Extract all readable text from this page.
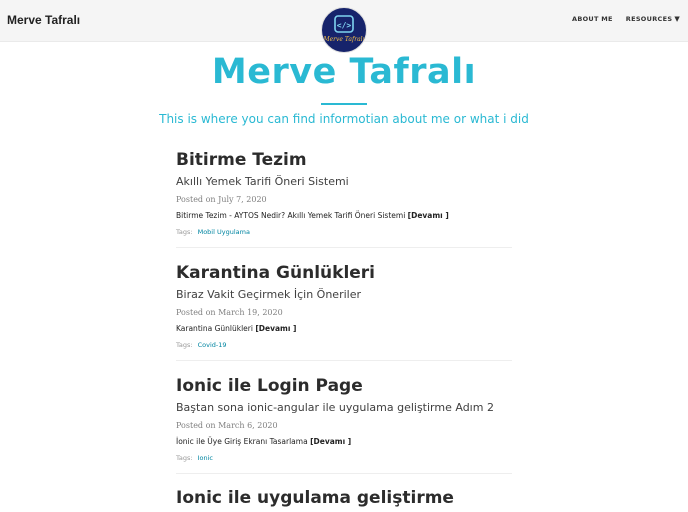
Merve Tafralı	ABOUT ME RESOURCES ▼
</>
Merve Tafralı
Merve Tafralı
This is where you can find informotian about me or what i did
Bitirme Tezim
Akıllı Yemek Tarifi Öneri Sistemi
Posted on July 7, 2020
Bitirme Tezim - AYTOS Nedir? Akıllı Yemek Tarifi Öneri Sistemi [Devamı ]
Tags: Mobil Uygulama
Karantina Günlükleri
Biraz Vakit Geçirmek İçin Öneriler
Posted on March 19, 2020
Karantina Günlükleri [Devamı ]
Tags: Covid-19
Ionic ile Login Page
Baştan sona ionic-angular ile uygulama geliştirme Adım 2
Posted on March 6, 2020
İonic ile Üye Giriş Ekranı Tasarlama [Devamı ]
Tags: Ionic
Ionic ile uygulama geliştirme
